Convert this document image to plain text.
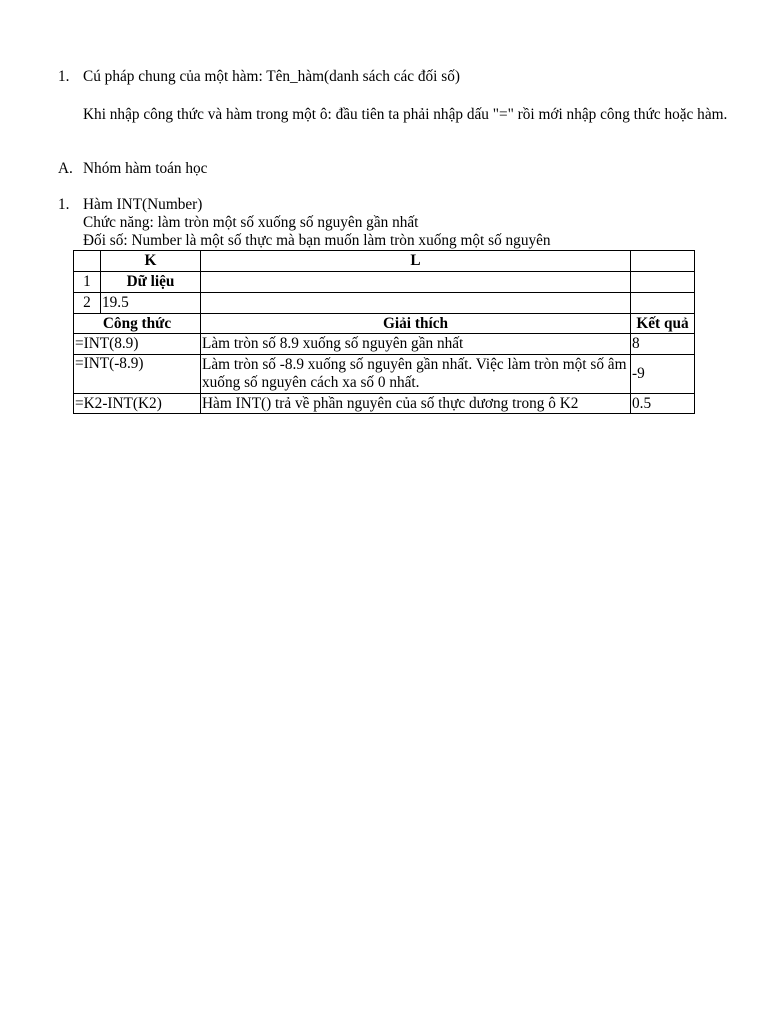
1. Cú pháp chung của một hàm: Tên_hàm(danh sách các đối số)
Khi nhập công thức và hàm trong một ô: đầu tiên ta phải nhập dấu "=" rồi mới nhập công thức hoặc hàm.
A. Nhóm hàm toán học
1. Hàm INT(Number)
Chức năng: làm tròn một số xuống số nguyên gần nhất
Đối số: Number là một số thực mà bạn muốn làm tròn xuống một số nguyên
	K	L	
1	Dữ liệu		
2	19.5		
Công thức		Giải thích	Kết quả
=INT(8.9)		Làm tròn số 8.9 xuống số nguyên gần nhất	8
=INT(-8.9)		Làm tròn số -8.9 xuống số nguyên gần nhất. Việc làm tròn một số âm xuống số nguyên cách xa số 0 nhất.	-9
=K2-INT(K2)		Hàm INT() trả về phần nguyên của số thực dương trong ô K2	0.5
